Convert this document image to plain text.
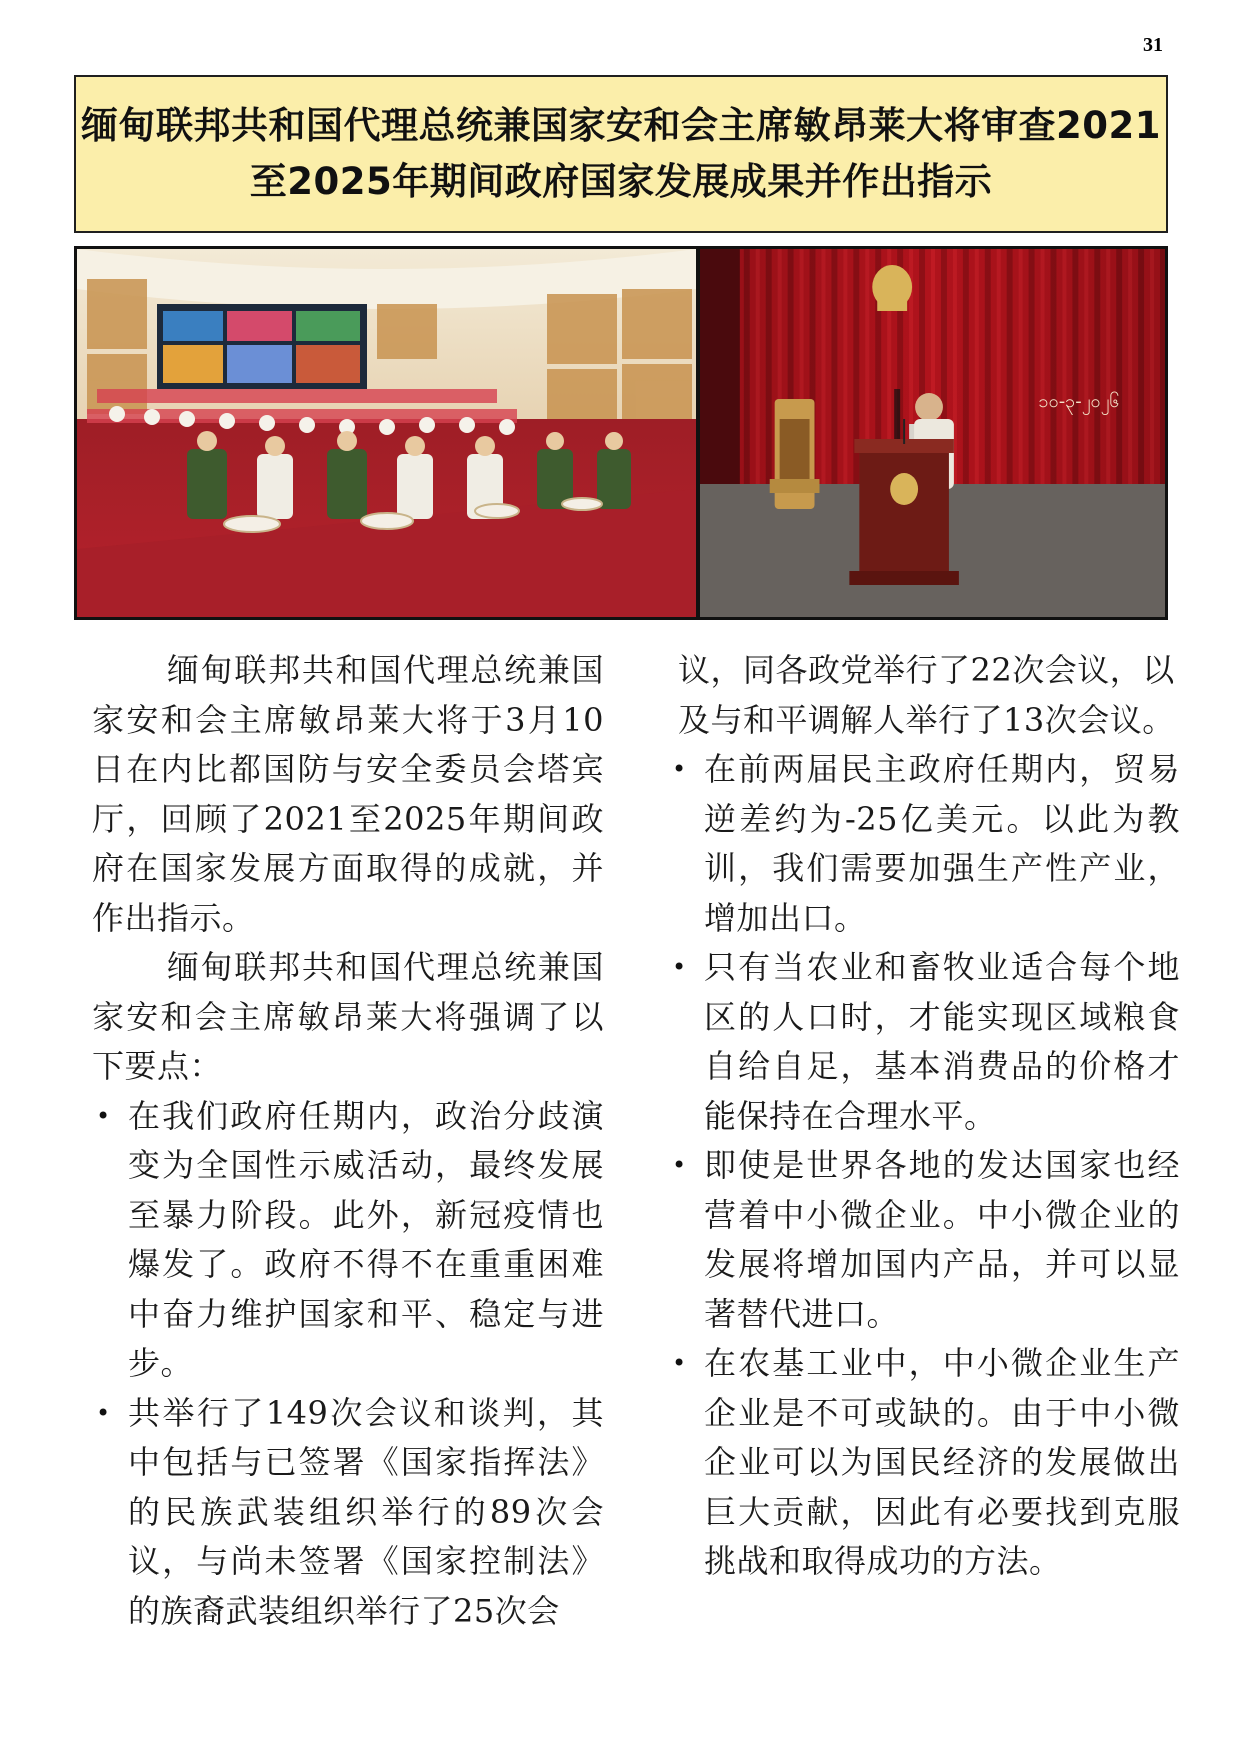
31
缅甸联邦共和国代理总统兼国家安和会主席敏昂莱大将审查2021
至2025年期间政府国家发展成果并作出指示
၁၀-၃-၂၀၂၆

缅甸联邦共和国代理总统兼国家安和会主席敏昂莱大将于3月10日在内比都国防与安全委员会塔宾厅，回顾了2021至2025年期间政府在国家发展方面取得的成就，并作出指示。

缅甸联邦共和国代理总统兼国家安和会主席敏昂莱大将强调了以下要点：

• 在我们政府任期内，政治分歧演变为全国性示威活动，最终发展至暴力阶段。此外，新冠疫情也爆发了。政府不得不在重重困难中奋力维护国家和平、稳定与进步。
• 共举行了149次会议和谈判，其中包括与已签署《国家指挥法》的民族武装组织举行的89次会议，与尚未签署《国家控制法》的族裔武装组织举行了25次会

议，同各政党举行了22次会议，以及与和平调解人举行了13次会议。

• 在前两届民主政府任期内，贸易逆差约为-25亿美元。以此为教训，我们需要加强生产性产业，增加出口。
• 只有当农业和畜牧业适合每个地区的人口时，才能实现区域粮食自给自足，基本消费品的价格才能保持在合理水平。
• 即使是世界各地的发达国家也经营着中小微企业。中小微企业的发展将增加国内产品，并可以显著替代进口。
• 在农基工业中，中小微企业生产企业是不可或缺的。由于中小微企业可以为国民经济的发展做出巨大贡献，因此有必要找到克服挑战和取得成功的方法。
